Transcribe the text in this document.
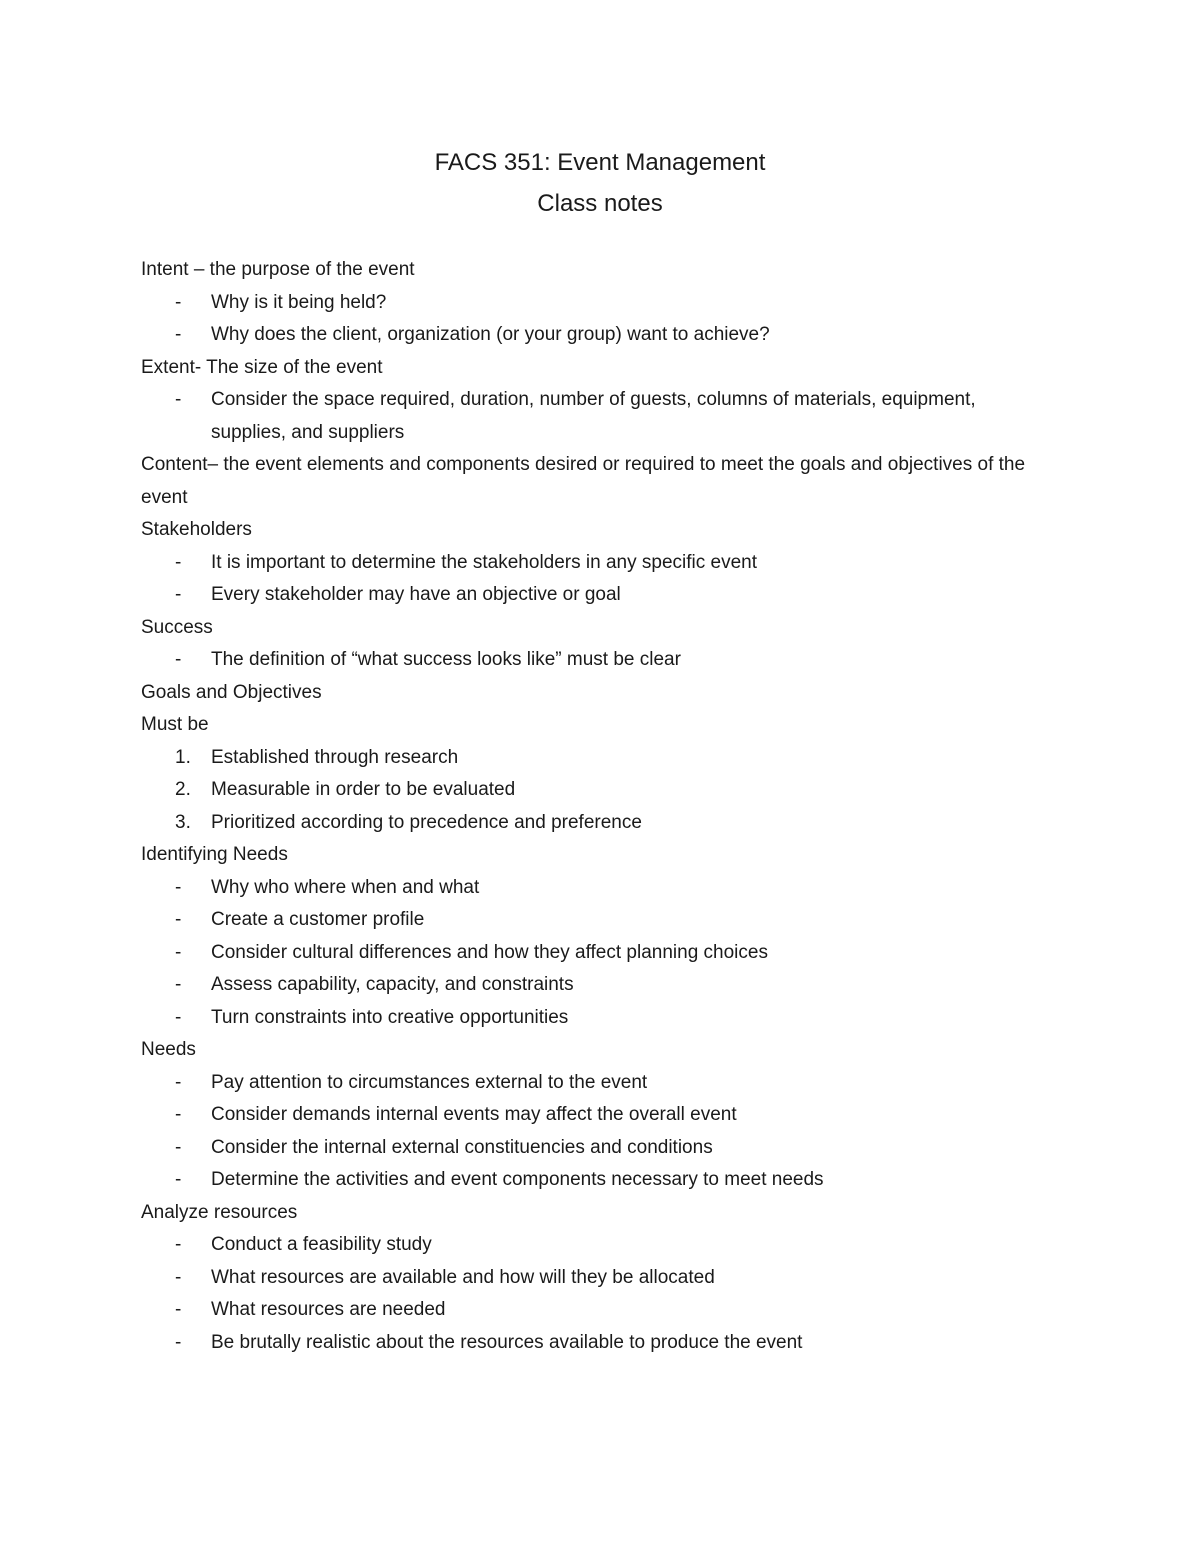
FACS 351: Event Management
Class notes
Intent – the purpose of the event
-	Why is it being held?
-	Why does the client, organization (or your group) want to achieve?
Extent- The size of the event
-	Consider the space required, duration, number of guests, columns of materials, equipment, supplies, and suppliers
Content– the event elements and components desired or required to meet the goals and objectives of the event
Stakeholders
-	It is important to determine the stakeholders in any specific event
-	Every stakeholder may have an objective or goal
Success
-	The definition of “what success looks like” must be clear
Goals and Objectives
Must be
1.	Established through research
2.	Measurable in order to be evaluated
3.	Prioritized according to precedence and preference
Identifying Needs
-	Why who where when and what
-	Create a customer profile
-	Consider cultural differences and how they affect planning choices
-	Assess capability, capacity, and constraints
-	Turn constraints into creative opportunities
Needs
-	Pay attention to circumstances external to the event
-	Consider demands internal events may affect the overall event
-	Consider the internal external constituencies and conditions
-	Determine the activities and event components necessary to meet needs
Analyze resources
-	Conduct a feasibility study
-	What resources are available and how will they be allocated
-	What resources are needed
-	Be brutally realistic about the resources available to produce the event
